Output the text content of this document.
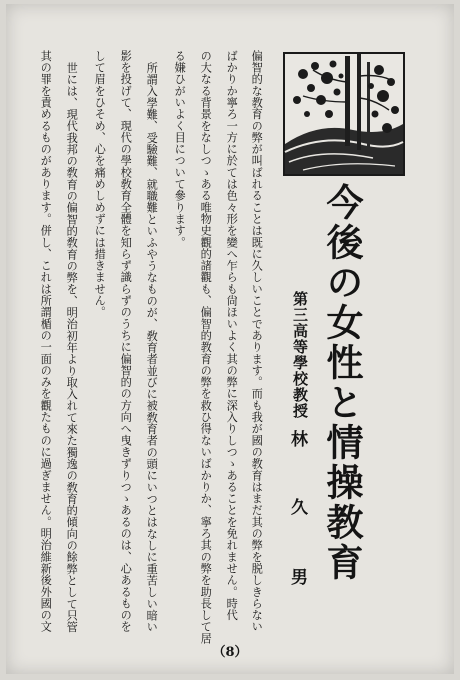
今後の女性と情操教育
第三高等學校教授
林
久
男
偏智的な教育の弊が叫ばれることは既に久しいことであります。而も我が國の教育はまだ其の弊を脱しきらない
ばかりか寧ろ一方に於ては色々形を變へ乍らも尙ほいよく其の弊に深入りしつゝあることを免れません。時代
の大なる背景をなしつゝある唯物史觀的諸觀も、偏智的教育の弊を救ひ得ないばかりか、寧ろ其の弊を助長して居
る嫌ひがいよく目について參ります。
所謂入學難、受驗難、就職難といふやうなものが、敎育者並びに被敎育者の頭にいつとはなしに重苦しい暗い
影を投げて、現代の學校敎育全體を知らず識らずのうちに偏智的の方向へ曳きずりつゝあるのは、心あるものを
して眉をひそめ、心を痛めしめずには措きません。
世には、現代我邦の敎育の偏智的敎育の弊を、明治初年より取入れて來た獨逸の敎育的傾向の餘弊として只管
其の罪を責めるものがあります。併し、これは所謂楯の一面のみを觀たものに過ぎません。明治維新後外國の文
（8）
